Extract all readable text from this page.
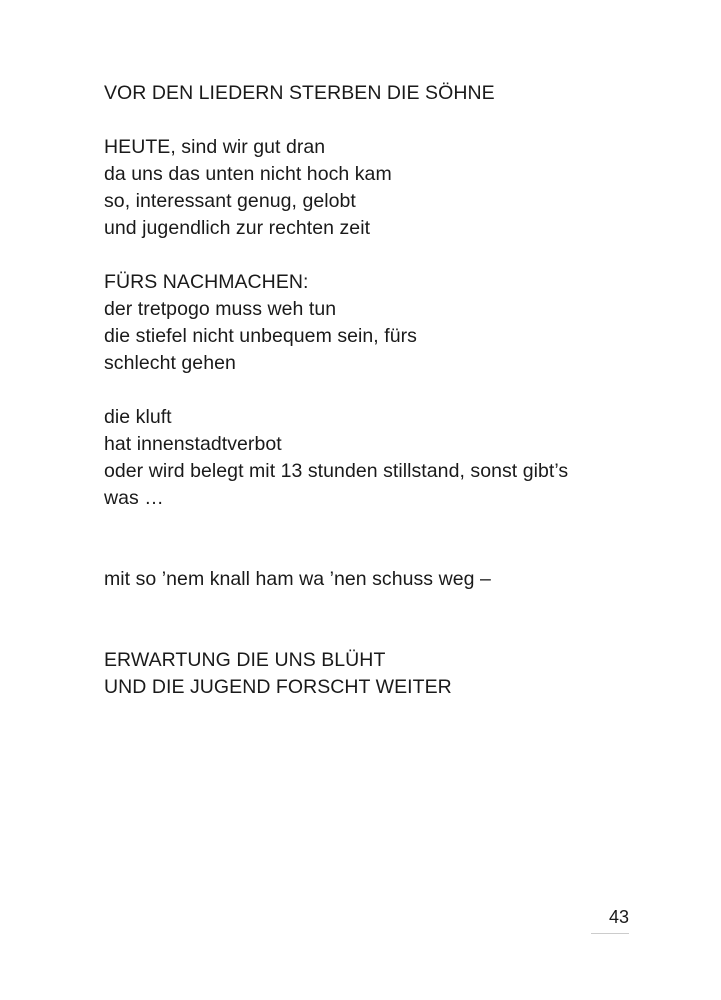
VOR DEN LIEDERN STERBEN DIE SÖHNE
HEUTE, sind wir gut dran
da uns das unten nicht hoch kam
so, interessant genug, gelobt
und jugendlich zur rechten zeit
FÜRS NACHMACHEN:
der tretpogo muss weh tun
die stiefel nicht unbequem sein, fürs
schlecht gehen
die kluft
hat innenstadtverbot
oder wird belegt mit 13 stunden stillstand, sonst gibt’s
was …
mit so ’nem knall ham wa ’nen schuss weg –
ERWARTUNG DIE UNS BLÜHT
UND DIE JUGEND FORSCHT WEITER
43
